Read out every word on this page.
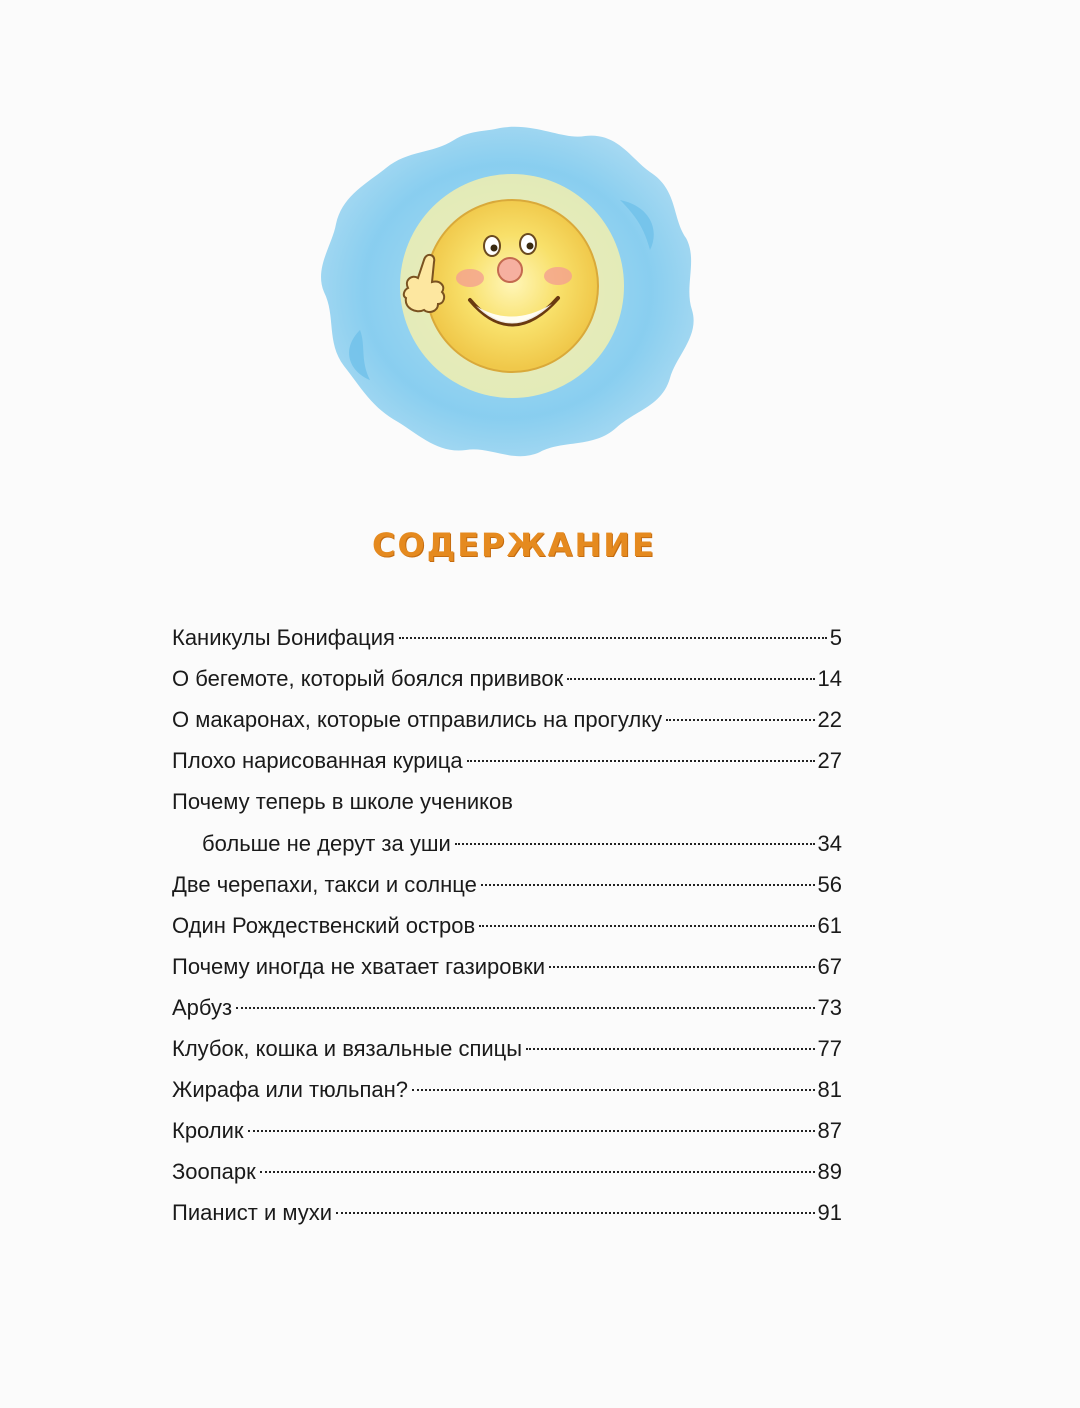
СОДЕРЖАНИЕ
Каникулы Бонифация	5
О бегемоте, который боялся прививок	14
О макаронах, которые отправились на прогулку	22
Плохо нарисованная курица	27
Почему теперь в школе учеников
больше не дерут за уши	34
Две черепахи, такси и солнце	56
Один Рождественский остров	61
Почему иногда не хватает газировки	67
Арбуз	73
Клубок, кошка и вязальные спицы	77
Жирафа или тюльпан?	81
Кролик	87
Зоопарк	89
Пианист и мухи	91
